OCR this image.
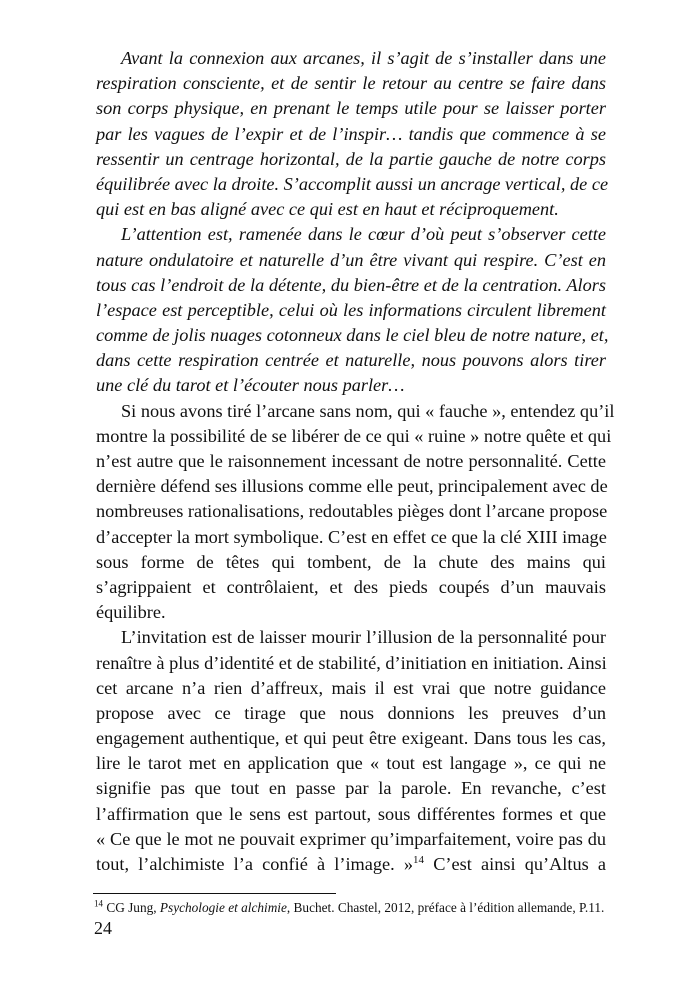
Avant la connexion aux arcanes, il s’agit de s’installer dans une
respiration consciente, et de sentir le retour au centre se faire dans
son corps physique, en prenant le temps utile pour se laisser porter
par les vagues de l’expir et de l’inspir… tandis que commence à se
ressentir un centrage horizontal, de la partie gauche de notre corps
équilibrée avec la droite. S’accomplit aussi un ancrage vertical, de ce
qui est en bas aligné avec ce qui est en haut et réciproquement.
L’attention est, ramenée dans le cœur d’où peut s’observer cette
nature ondulatoire et naturelle d’un être vivant qui respire. C’est en
tous cas l’endroit de la détente, du bien-être et de la centration. Alors
l’espace est perceptible, celui où les informations circulent librement
comme de jolis nuages cotonneux dans le ciel bleu de notre nature, et,
dans cette respiration centrée et naturelle, nous pouvons alors tirer
une clé du tarot et l’écouter nous parler…
Si nous avons tiré l’arcane sans nom, qui « fauche », entendez qu’il
montre la possibilité de se libérer de ce qui « ruine » notre quête et qui
n’est autre que le raisonnement incessant de notre personnalité. Cette
dernière défend ses illusions comme elle peut, principalement avec de
nombreuses rationalisations, redoutables pièges dont l’arcane propose
d’accepter la mort symbolique. C’est en effet ce que la clé XIII image
sous forme de têtes qui tombent, de la chute des mains qui
s’agrippaient et contrôlaient, et des pieds coupés d’un mauvais
équilibre.
L’invitation est de laisser mourir l’illusion de la personnalité pour
renaître à plus d’identité et de stabilité, d’initiation en initiation. Ainsi
cet arcane n’a rien d’affreux, mais il est vrai que notre guidance
propose avec ce tirage que nous donnions les preuves d’un
engagement authentique, et qui peut être exigeant. Dans tous les cas,
lire le tarot met en application que « tout est langage », ce qui ne
signifie pas que tout en passe par la parole. En revanche, c’est
l’affirmation que le sens est partout, sous différentes formes et que
« Ce que le mot ne pouvait exprimer qu’imparfaitement, voire pas du
tout, l’alchimiste l’a confié à l’image. »$^{14}$ C’est ainsi qu’Altus a
$^{14}$ CG Jung, Psychologie et alchimie, Buchet. Chastel, 2012, préface à l’édition allemande, P.11.
24
